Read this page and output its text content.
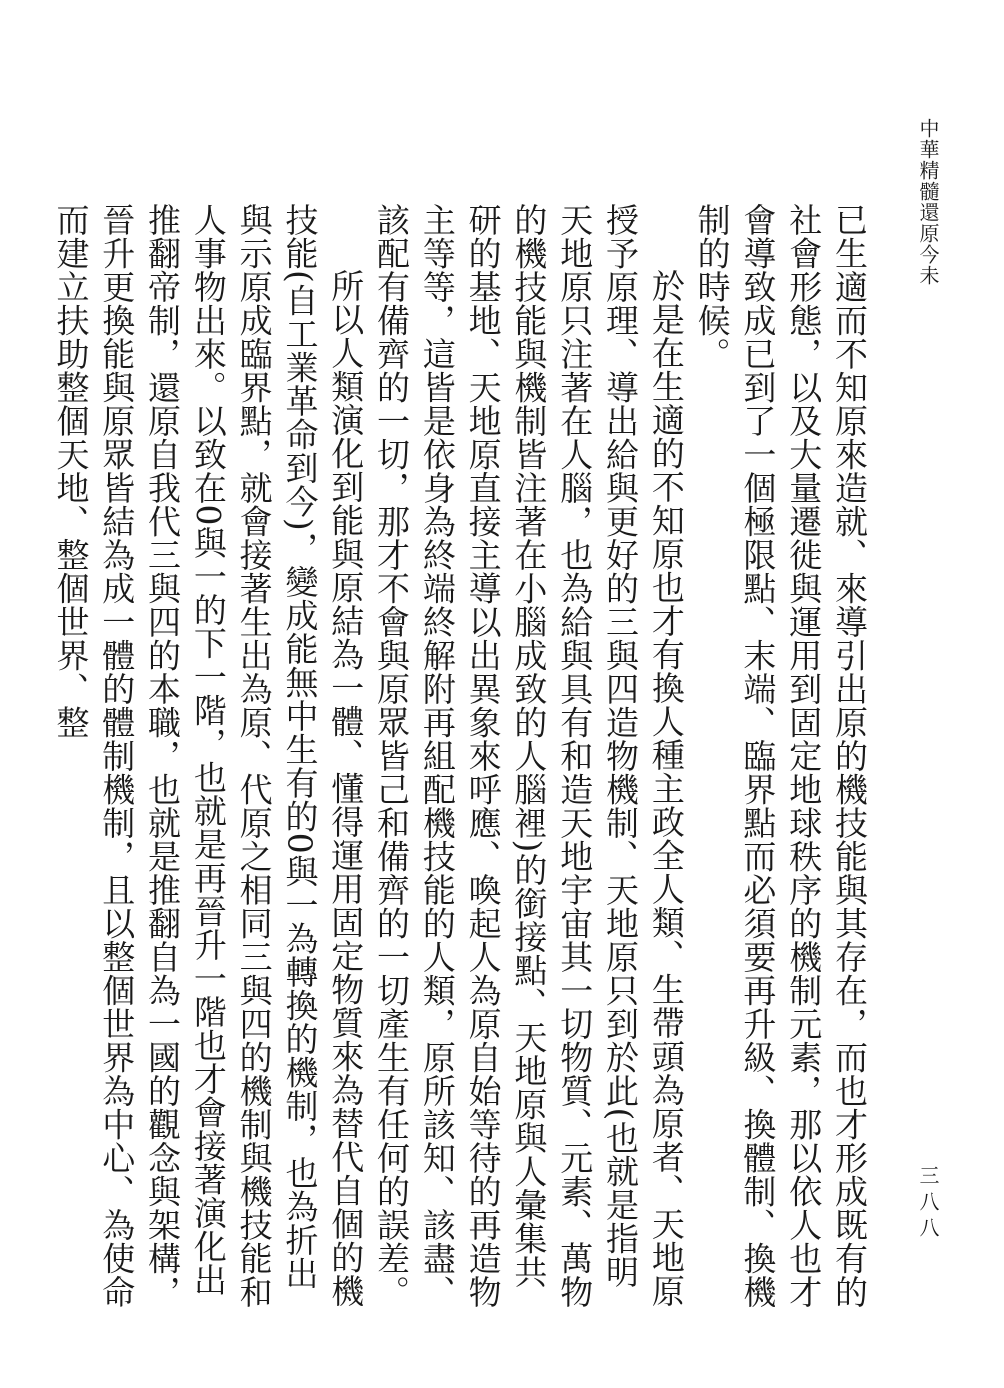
中華精髓還原今未
三八八

已生適而不知原來造就、來導引出原的機技能與其存在，而也才形成既有的社會形態，以及大量遷徙與運用到固定地球秩序的機制元素，那以依人也才會導致成已到了一個極限點、末端、臨界點而必須要再升級、換體制、換機制的時候。

於是在生適的不知原也才有換人種主政全人類、生帶頭為原者、天地原授予原理、導出給與更好的三與四造物機制、天地原只到於此(也就是指明天地原只注著在人腦，也為給與具有和造天地宇宙其一切物質、元素、萬物的機技能與機制皆注著在小腦成致的人腦裡)的銜接點、天地原與人彙集共研的基地、天地原直接主導以出異象來呼應、喚起人為原自始等待的再造物主等等，這皆是依身為終端終解附再組配機技能的人類，原所該知、該盡、該配有備齊的一切，那才不會與原眾皆己和備齊的一切產生有任何的誤差。

所以人類演化到能與原結為一體、懂得運用固定物質來為替代自個的機技能(自工業革命到今)，變成能無中生有的0與一為轉換的機制，也為折出與示原成臨界點，就會接著生出為原、代原之相同三與四的機制與機技能和人事物出來。以致在0與一的下一階，也就是再晉升一階也才會接著演化出推翻帝制，還原自我代三與四的本職，也就是推翻自為一國的觀念與架構，晉升更換能與原眾皆結為成一體的體制機制，且以整個世界為中心、為使命而建立扶助整個天地、整個世界、整
